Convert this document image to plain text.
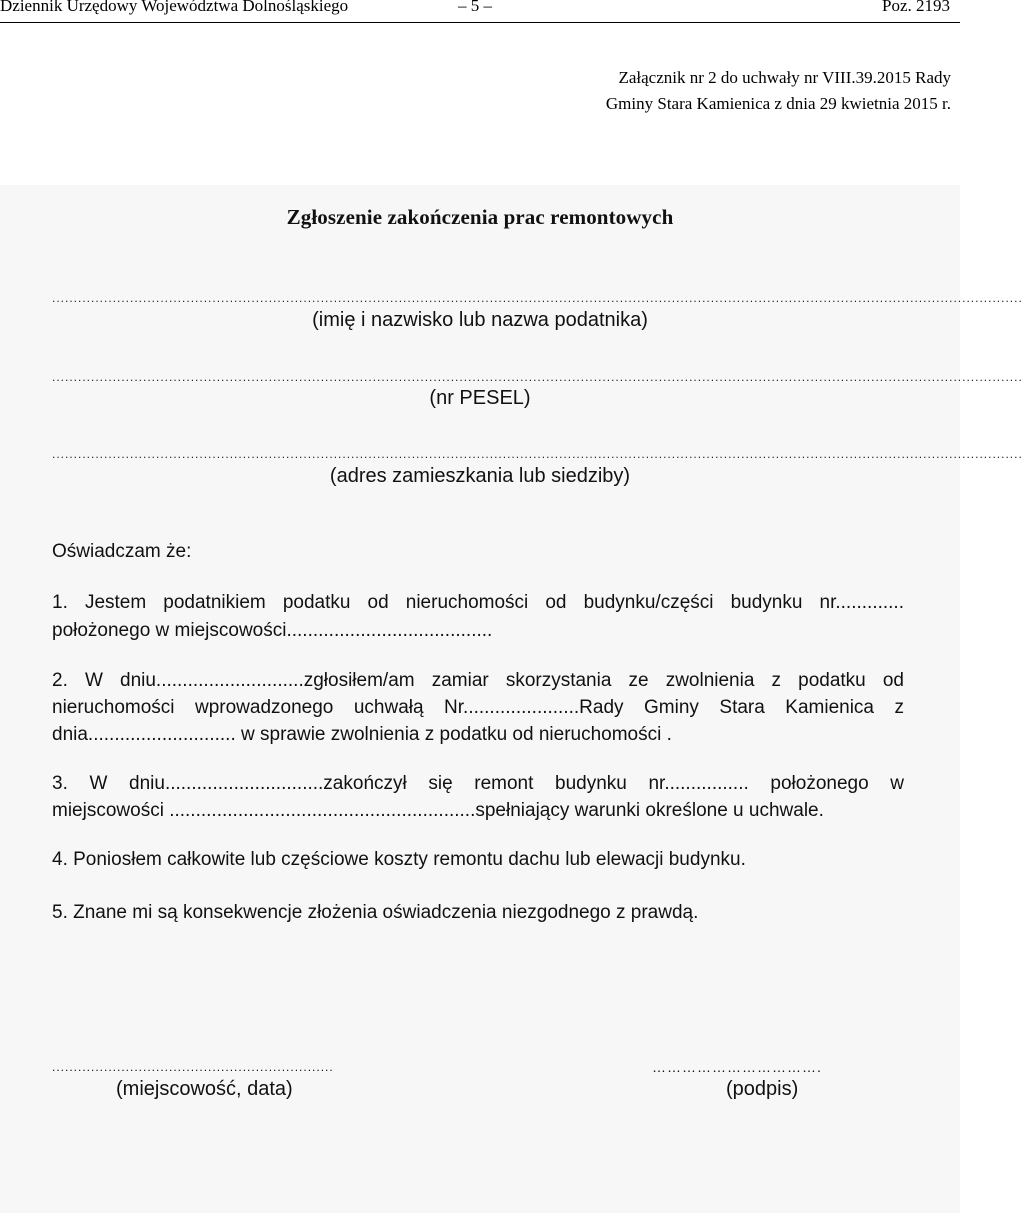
Dziennik Urzędowy Województwa Dolnośląskiego	– 5 –	Poz. 2193
Załącznik nr 2 do uchwały nr VIII.39.2015 Rady
Gminy Stara Kamienica z dnia 29 kwietnia 2015 r.
Zgłoszenie zakończenia prac remontowych
................................................................................................................................................................................................................................
(imię i nazwisko lub nazwa podatnika)
................................................................................................................................................................................................................................
(nr PESEL)
................................................................................................................................................................................................................................
(adres zamieszkania lub siedziby)
Oświadczam że:
1. Jestem podatnikiem podatku od nieruchomości od budynku/części budynku nr.............
położonego w miejscowości.......................................
2. W dniu............................zgłosiłem/am zamiar skorzystania ze zwolnienia z podatku od
nieruchomości wprowadzonego uchwałą Nr......................Rady Gminy Stara Kamienica z
dnia............................ w sprawie zwolnienia z podatku od nieruchomości .
3. W dniu..............................zakończył się remont budynku nr................ położonego w
miejscowości ..........................................................spełniający warunki określone u uchwale.
4. Poniosłem całkowite lub częściowe koszty remontu dachu lub elewacji budynku.
5. Znane mi są konsekwencje złożenia oświadczenia niezgodnego z prawdą.
.................................................................
(miejscowość, data)
…………………………….
(podpis)
